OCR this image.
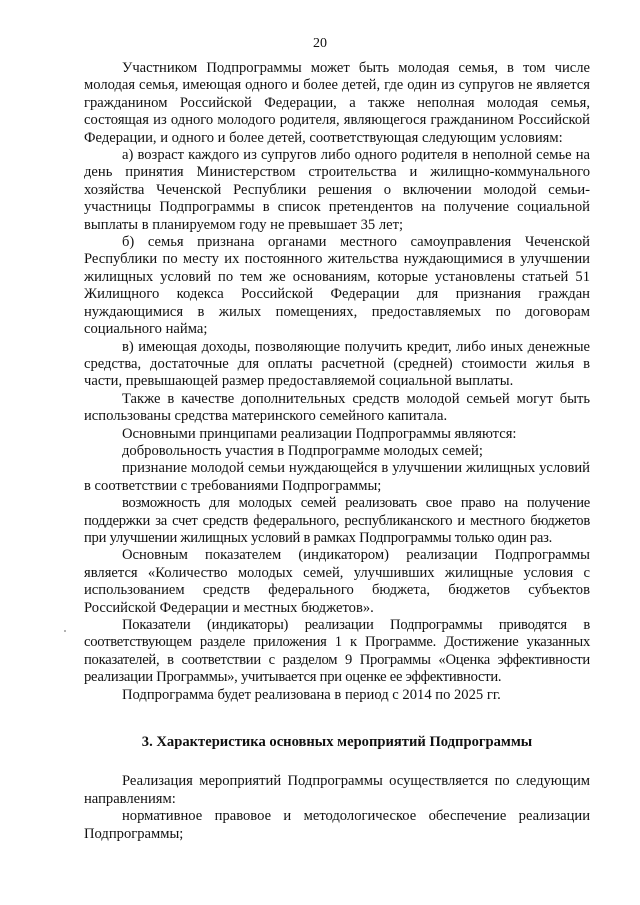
20

Участником Подпрограммы может быть молодая семья, в том числе молодая семья, имеющая одного и более детей, где один из супругов не является гражданином Российской Федерации, а также неполная молодая семья, состоящая из одного молодого родителя, являющегося гражданином Российской Федерации, и одного и более детей, соответствующая следующим условиям:

а) возраст каждого из супругов либо одного родителя в неполной семье на день принятия Министерством строительства и жилищно-коммунального хозяйства Чеченской Республики решения о включении молодой семьи-участницы Подпрограммы в список претендентов на получение социальной выплаты в планируемом году не превышает 35 лет;

б) семья признана органами местного самоуправления Чеченской Республики по месту их постоянного жительства нуждающимися в улучшении жилищных условий по тем же основаниям, которые установлены статьей 51 Жилищного кодекса Российской Федерации для признания граждан нуждающимися в жилых помещениях, предоставляемых по договорам социального найма;

в) имеющая доходы, позволяющие получить кредит, либо иных денежные средства, достаточные для оплаты расчетной (средней) стоимости жилья в части, превышающей размер предоставляемой социальной выплаты.

Также в качестве дополнительных средств молодой семьей могут быть использованы средства материнского семейного капитала.

Основными принципами реализации Подпрограммы являются:

добровольность участия в Подпрограмме молодых семей;

признание молодой семьи нуждающейся в улучшении жилищных условий в соответствии с требованиями Подпрограммы;

возможность для молодых семей реализовать свое право на получение поддержки за счет средств федерального, республиканского и местного бюджетов при улучшении жилищных условий в рамках Подпрограммы только один раз.

Основным показателем (индикатором) реализации Подпрограммы является «Количество молодых семей, улучшивших жилищные условия с использованием средств федерального бюджета, бюджетов субъектов Российской Федерации и местных бюджетов».

Показатели (индикаторы) реализации Подпрограммы приводятся в соответствующем разделе приложения 1 к Программе. Достижение указанных показателей, в соответствии с разделом 9 Программы «Оценка эффективности реализации Программы», учитывается при оценке ее эффективности.

Подпрограмма будет реализована в период с 2014 по 2025 гг.

3. Характеристика основных мероприятий Подпрограммы

Реализация мероприятий Подпрограммы осуществляется по следующим направлениям:

нормативное правовое и методологическое обеспечение реализации Подпрограммы;
